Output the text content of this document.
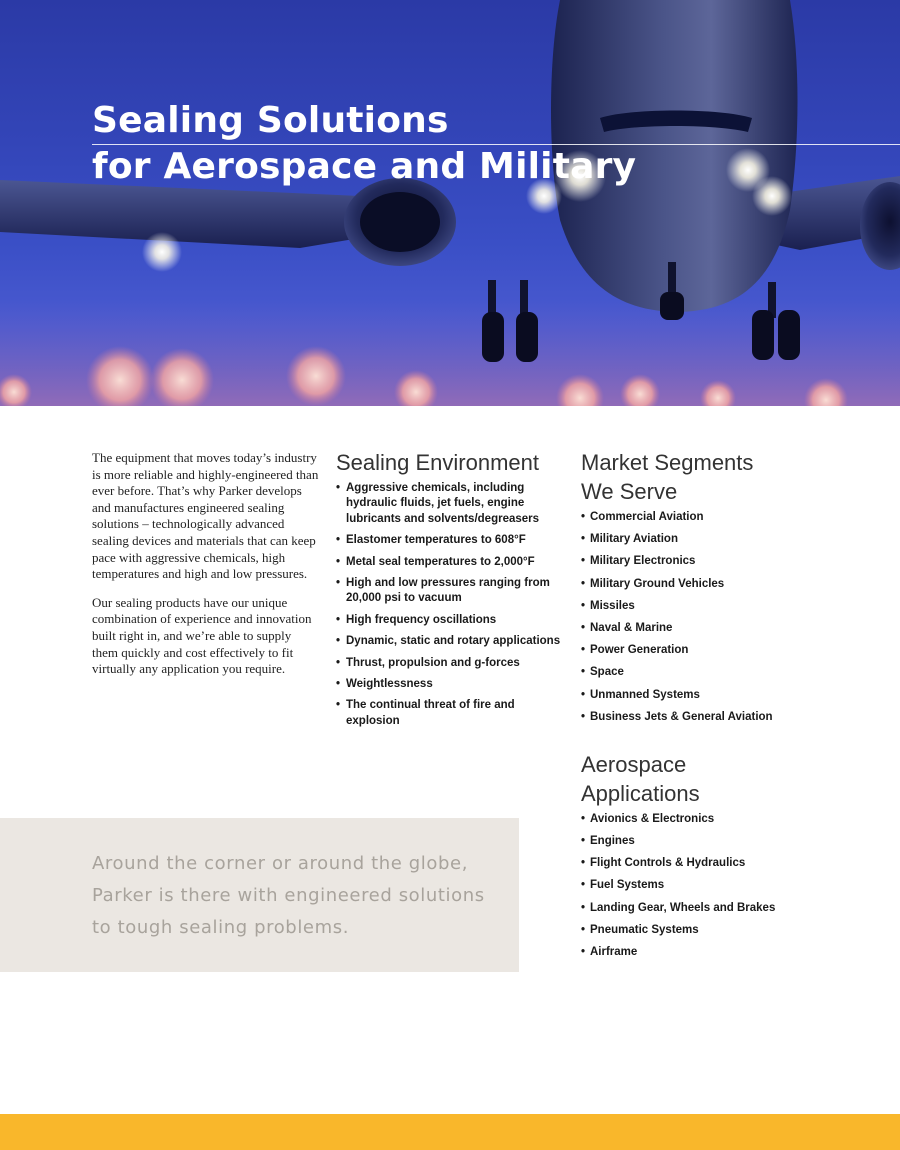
Sealing Solutions
for Aerospace and Military

The equipment that moves today’s industry is more reliable and highly-engineered than ever before. That’s why Parker develops and manufactures engineered sealing solutions – technologically advanced sealing devices and materials that can keep pace with aggressive chemicals, high temperatures and high and low pressures.

Our sealing products have our unique combination of experience and innovation built right in, and we’re able to supply them quickly and cost effectively to fit virtually any application you require.

Sealing Environment
• Aggressive chemicals, including hydraulic fluids, jet fuels, engine lubricants and solvents/degreasers
• Elastomer temperatures to 608°F
• Metal seal temperatures to 2,000°F
• High and low pressures ranging from 20,000 psi to vacuum
• High frequency oscillations
• Dynamic, static and rotary applications
• Thrust, propulsion and g-forces
• Weightlessness
• The continual threat of fire and explosion
Market Segments
We Serve
• Commercial Aviation
• Military Aviation
• Military Electronics
• Military Ground Vehicles
• Missiles
• Naval & Marine
• Power Generation
• Space
• Unmanned Systems
• Business Jets & General Aviation
Aerospace
Applications
• Avionics & Electronics
• Engines
• Flight Controls & Hydraulics
• Fuel Systems
• Landing Gear, Wheels and Brakes
• Pneumatic Systems
• Airframe

Around the corner or around the globe, Parker is there with engineered solutions to tough sealing problems.
